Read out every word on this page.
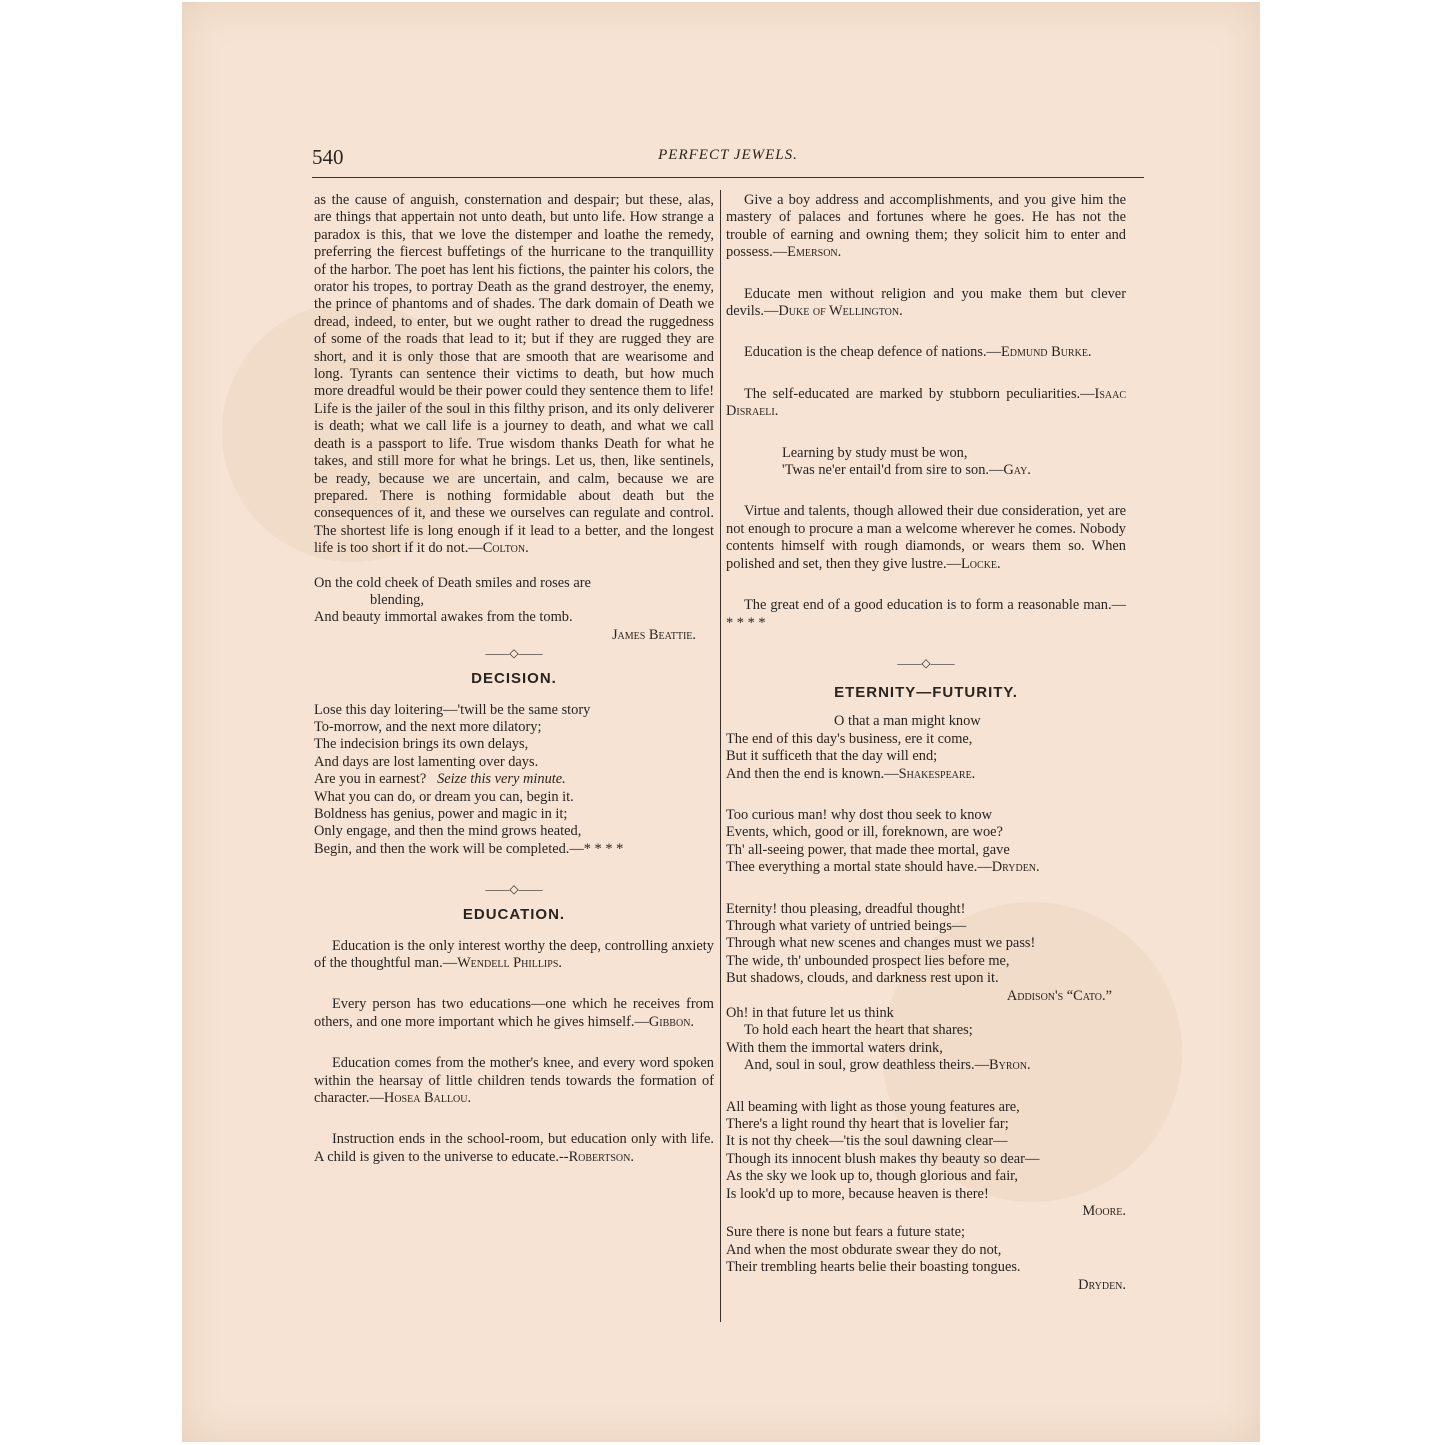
540	PERFECT JEWELS.

as the cause of anguish, consternation and despair; but these, alas, are things that appertain not unto death, but unto life. How strange a paradox is this, that we love the distemper and loathe the remedy, preferring the fiercest buffetings of the hurricane to the tranquillity of the harbor. The poet has lent his fictions, the painter his colors, the orator his tropes, to portray Death as the grand destroyer, the enemy, the prince of phantoms and of shades. The dark domain of Death we dread, indeed, to enter, but we ought rather to dread the ruggedness of some of the roads that lead to it; but if they are rugged they are short, and it is only those that are smooth that are wearisome and long. Tyrants can sentence their victims to death, but how much more dreadful would be their power could they sentence them to life! Life is the jailer of the soul in this filthy prison, and its only deliverer is death; what we call life is a journey to death, and what we call death is a passport to life. True wisdom thanks Death for what he takes, and still more for what he brings. Let us, then, like sentinels, be ready, because we are uncertain, and calm, because we are prepared. There is nothing formidable about death but the consequences of it, and these we ourselves can regulate and control. The shortest life is long enough if it lead to a better, and the longest life is too short if it do not.—Colton.

On the cold cheek of Death smiles and roses are
blending,
And beauty immortal awakes from the tomb.
James Beattie.
——◇——

DECISION.

Lose this day loitering—'twill be the same story
To-morrow, and the next more dilatory;
The indecision brings its own delays,
And days are lost lamenting over days.
Are you in earnest? Seize this very minute.
What you can do, or dream you can, begin it.
Boldness has genius, power and magic in it;
Only engage, and then the mind grows heated,
Begin, and then the work will be completed.—* * * *
——◇——

EDUCATION.

Education is the only interest worthy the deep, controlling anxiety of the thoughtful man.—Wendell Phillips.

Every person has two educations—one which he receives from others, and one more important which he gives himself.—Gibbon.

Education comes from the mother's knee, and every word spoken within the hearsay of little children tends towards the formation of character.—Hosea Ballou.

Instruction ends in the school-room, but education only with life. A child is given to the universe to educate.--Robertson.

Give a boy address and accomplishments, and you give him the mastery of palaces and fortunes where he goes. He has not the trouble of earning and owning them; they solicit him to enter and possess.—Emerson.

Educate men without religion and you make them but clever devils.—Duke of Wellington.

Education is the cheap defence of nations.—Edmund Burke.

The self-educated are marked by stubborn peculiarities.—Isaac Disraeli.

Learning by study must be won,
'Twas ne'er entail'd from sire to son.—Gay.

Virtue and talents, though allowed their due consideration, yet are not enough to procure a man a welcome wherever he comes. Nobody contents himself with rough diamonds, or wears them so. When polished and set, then they give lustre.—Locke.

The great end of a good education is to form a reasonable man.—* * * *

——◇——

ETERNITY—FUTURITY.

O that a man might know
The end of this day's business, ere it come,
But it sufficeth that the day will end;
And then the end is known.—Shakespeare.
Too curious man! why dost thou seek to know
Events, which, good or ill, foreknown, are woe?
Th' all-seeing power, that made thee mortal, gave
Thee everything a mortal state should have.—Dryden.
Eternity! thou pleasing, dreadful thought!
Through what variety of untried beings—
Through what new scenes and changes must we pass!
The wide, th' unbounded prospect lies before me,
But shadows, clouds, and darkness rest upon it.
Addison's “Cato.”
Oh! in that future let us think
To hold each heart the heart that shares;
With them the immortal waters drink,
And, soul in soul, grow deathless theirs.—Byron.
All beaming with light as those young features are,
There's a light round thy heart that is lovelier far;
It is not thy cheek—'tis the soul dawning clear—
Though its innocent blush makes thy beauty so dear—
As the sky we look up to, though glorious and fair,
Is look'd up to more, because heaven is there!
Moore.
Sure there is none but fears a future state;
And when the most obdurate swear they do not,
Their trembling hearts belie their boasting tongues.
Dryden.
